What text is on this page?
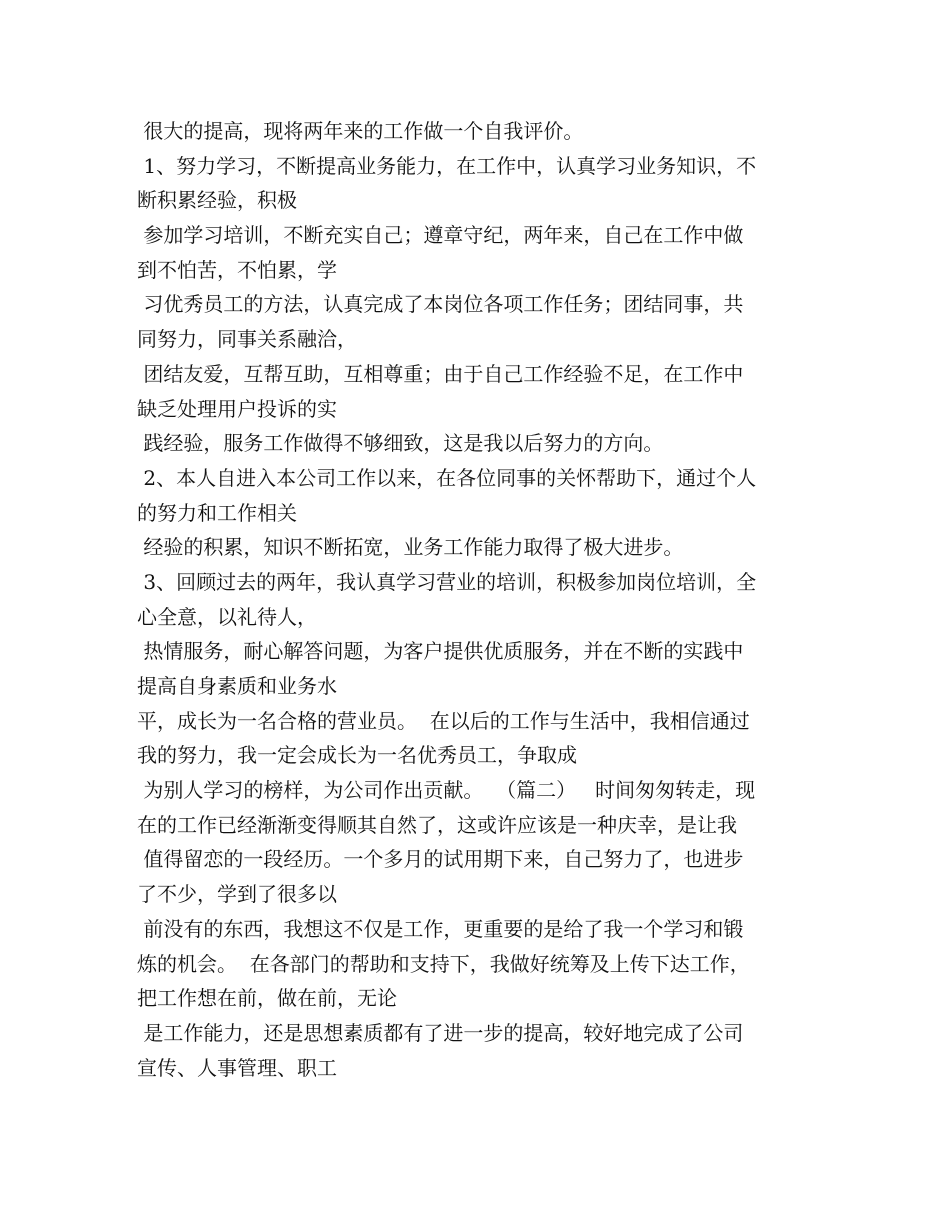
很大的提高，现将两年来的工作做一个自我评价。
1、努力学习，不断提高业务能力，在工作中，认真学习业务知识，不
断积累经验，积极
参加学习培训，不断充实自己；遵章守纪，两年来，自己在工作中做
到不怕苦，不怕累，学
习优秀员工的方法，认真完成了本岗位各项工作任务；团结同事，共
同努力，同事关系融洽，
团结友爱，互帮互助，互相尊重；由于自己工作经验不足，在工作中
缺乏处理用户投诉的实
践经验，服务工作做得不够细致，这是我以后努力的方向。
2、本人自进入本公司工作以来，在各位同事的关怀帮助下，通过个人
的努力和工作相关
经验的积累，知识不断拓宽，业务工作能力取得了极大进步。
3、回顾过去的两年，我认真学习营业的培训，积极参加岗位培训，全
心全意，以礼待人，
热情服务，耐心解答问题，为客户提供优质服务，并在不断的实践中
提高自身素质和业务水
平，成长为一名合格的营业员。  在以后的工作与生活中，我相信通过
我的努力，我一定会成长为一名优秀员工，争取成
为别人学习的榜样，为公司作出贡献。  （篇二）   时间匆匆转走，现
在的工作已经渐渐变得顺其自然了，这或许应该是一种庆幸，是让我
值得留恋的一段经历。一个多月的试用期下来，自己努力了，也进步
了不少，学到了很多以
前没有的东西，我想这不仅是工作，更重要的是给了我一个学习和锻
炼的机会。  在各部门的帮助和支持下，我做好统筹及上传下达工作，
把工作想在前，做在前，无论
是工作能力，还是思想素质都有了进一步的提高，较好地完成了公司
宣传、人事管理、职工
